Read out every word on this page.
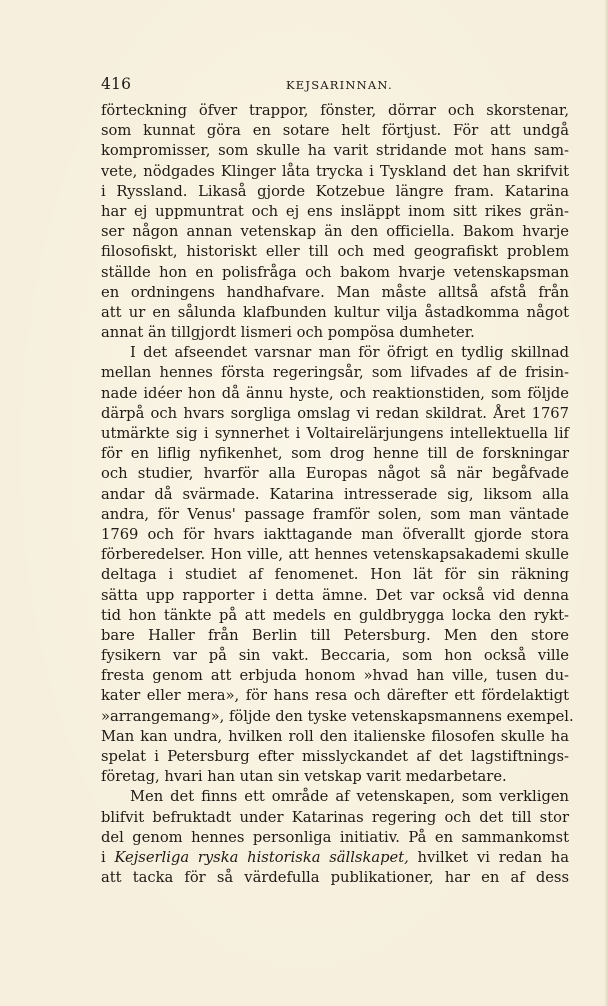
416	KEJSARINNAN.
förteckning öfver trappor, fönster, dörrar och skorstenar,
som kunnat göra en sotare helt förtjust. För att undgå
kompromisser, som skulle ha varit stridande mot hans sam-
vete, nödgades Klinger låta trycka i Tyskland det han skrifvit
i Ryssland. Likaså gjorde Kotzebue längre fram. Katarina
har ej uppmuntrat och ej ens insläppt inom sitt rikes grän-
ser någon annan vetenskap än den officiella. Bakom hvarje
filosofiskt, historiskt eller till och med geografiskt problem
ställde hon en polisfråga och bakom hvarje vetenskapsman
en ordningens handhafvare. Man måste alltså afstå från
att ur en sålunda klafbunden kultur vilja åstadkomma något
annat än tillgjordt lismeri och pompösa dumheter.
I det afseendet varsnar man för öfrigt en tydlig skillnad
mellan hennes första regeringsår, som lifvades af de frisin-
nade idéer hon då ännu hyste, och reaktionstiden, som följde
därpå och hvars sorgliga omslag vi redan skildrat. Året 1767
utmärkte sig i synnerhet i Voltairelärjungens intellektuella lif
för en liflig nyfikenhet, som drog henne till de forskningar
och studier, hvarför alla Europas något så när begåfvade
andar då svärmade. Katarina intresserade sig, liksom alla
andra, för Venus' passage framför solen, som man väntade
1769 och för hvars iakttagande man öfverallt gjorde stora
förberedelser. Hon ville, att hennes vetenskapsakademi skulle
deltaga i studiet af fenomenet. Hon lät för sin räkning
sätta upp rapporter i detta ämne. Det var också vid denna
tid hon tänkte på att medels en guldbrygga locka den rykt-
bare Haller från Berlin till Petersburg. Men den store
fysikern var på sin vakt. Beccaria, som hon också ville
fresta genom att erbjuda honom »hvad han ville, tusen du-
kater eller mera», för hans resa och därefter ett fördelaktigt
»arrangemang», följde den tyske vetenskapsmannens exempel.
Man kan undra, hvilken roll den italienske filosofen skulle ha
spelat i Petersburg efter misslyckandet af det lagstiftnings-
företag, hvari han utan sin vetskap varit medarbetare.
Men det finns ett område af vetenskapen, som verkligen
blifvit befruktadt under Katarinas regering och det till stor
del genom hennes personliga initiativ. På en sammankomst
i Kejserliga ryska historiska sällskapet, hvilket vi redan ha
att tacka för så värdefulla publikationer, har en af dess
